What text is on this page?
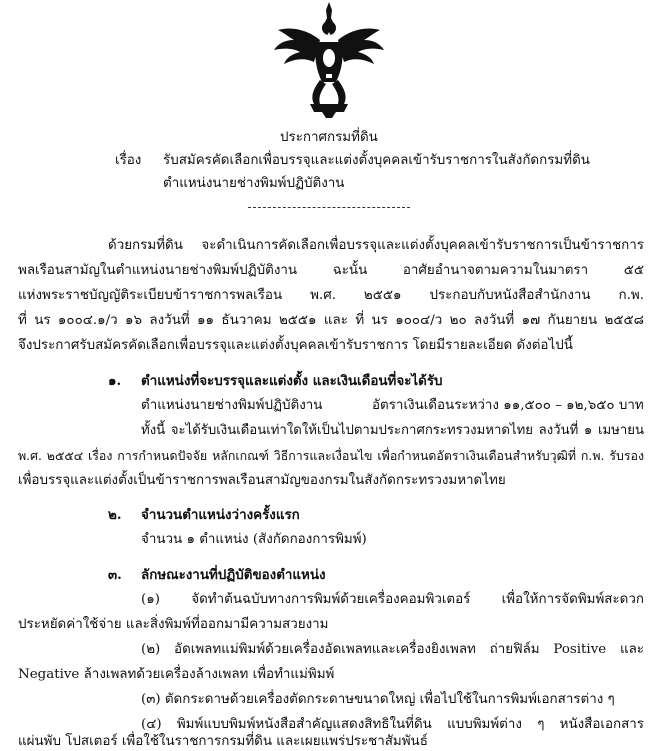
ประกาศกรมที่ดิน
เรื่อง รับสมัครคัดเลือกเพื่อบรรจุและแต่งตั้งบุคคลเข้ารับราชการในสังกัดกรมที่ดิน
ตำแหน่งนายช่างพิมพ์ปฏิบัติงาน
ด้วยกรมที่ดิน จะดำเนินการคัดเลือกเพื่อบรรจุและแต่งตั้งบุคคลเข้ารับราชการเป็นข้าราชการ
พลเรือนสามัญในตำแหน่งนายช่างพิมพ์ปฏิบัติงาน ฉะนั้น อาศัยอำนาจตามความในมาตรา ๕๕
แห่งพระราชบัญญัติระเบียบข้าราชการพลเรือน พ.ศ. ๒๕๕๑ ประกอบกับหนังสือสำนักงาน ก.พ.
ที่ นร ๑๐๐๔.๑/ว ๑๖ ลงวันที่ ๑๑ ธันวาคม ๒๕๕๑ และ ที่ นร ๑๐๐๔/ว ๒๐ ลงวันที่ ๑๗ กันยายน ๒๕๕๘
จึงประกาศรับสมัครคัดเลือกเพื่อบรรจุและแต่งตั้งบุคคลเข้ารับราชการ โดยมีรายละเอียด ดังต่อไปนี้
๑. ตำแหน่งที่จะบรรจุและแต่งตั้ง และเงินเดือนที่จะได้รับ
ตำแหน่งนายช่างพิมพ์ปฏิบัติงาน	อัตราเงินเดือนระหว่าง ๑๑,๕๐๐ – ๑๒,๖๕๐ บาท
ทั้งนี้ จะได้รับเงินเดือนเท่าใดให้เป็นไปตามประกาศกระทรวงมหาดไทย ลงวันที่ ๑ เมษายน
พ.ศ. ๒๕๕๔ เรื่อง การกำหนดปัจจัย หลักเกณฑ์ วิธีการและเงื่อนไข เพื่อกำหนดอัตราเงินเดือนสำหรับวุฒิที่ ก.พ. รับรอง
เพื่อบรรจุและแต่งตั้งเป็นข้าราชการพลเรือนสามัญของกรมในสังกัดกระทรวงมหาดไทย
๒. จำนวนตำแหน่งว่างครั้งแรก
จำนวน ๑ ตำแหน่ง (สังกัดกองการพิมพ์)
๓. ลักษณะงานที่ปฏิบัติของตำแหน่ง
(๑) จัดทำต้นฉบับทางการพิมพ์ด้วยเครื่องคอมพิวเตอร์ เพื่อให้การจัดพิมพ์สะดวก
ประหยัดค่าใช้จ่าย และสิ่งพิมพ์ที่ออกมามีความสวยงาม
(๒) อัดเพลทแม่พิมพ์ด้วยเครื่องอัดเพลทและเครื่องยิงเพลท ถ่ายฟิล์ม Positive และ
Negative ล้างเพลทด้วยเครื่องล้างเพลท เพื่อทำแม่พิมพ์
(๓) ตัดกระดาษด้วยเครื่องตัดกระดาษขนาดใหญ่ เพื่อไปใช้ในการพิมพ์เอกสารต่าง ๆ
(๔) พิมพ์แบบพิมพ์หนังสือสำคัญแสดงสิทธิในที่ดิน แบบพิมพ์ต่าง ๆ หนังสือเอกสาร
แผ่นพับ โปสเตอร์ เพื่อใช้ในราชการกรมที่ดิน และเผยแพร่ประชาสัมพันธ์
